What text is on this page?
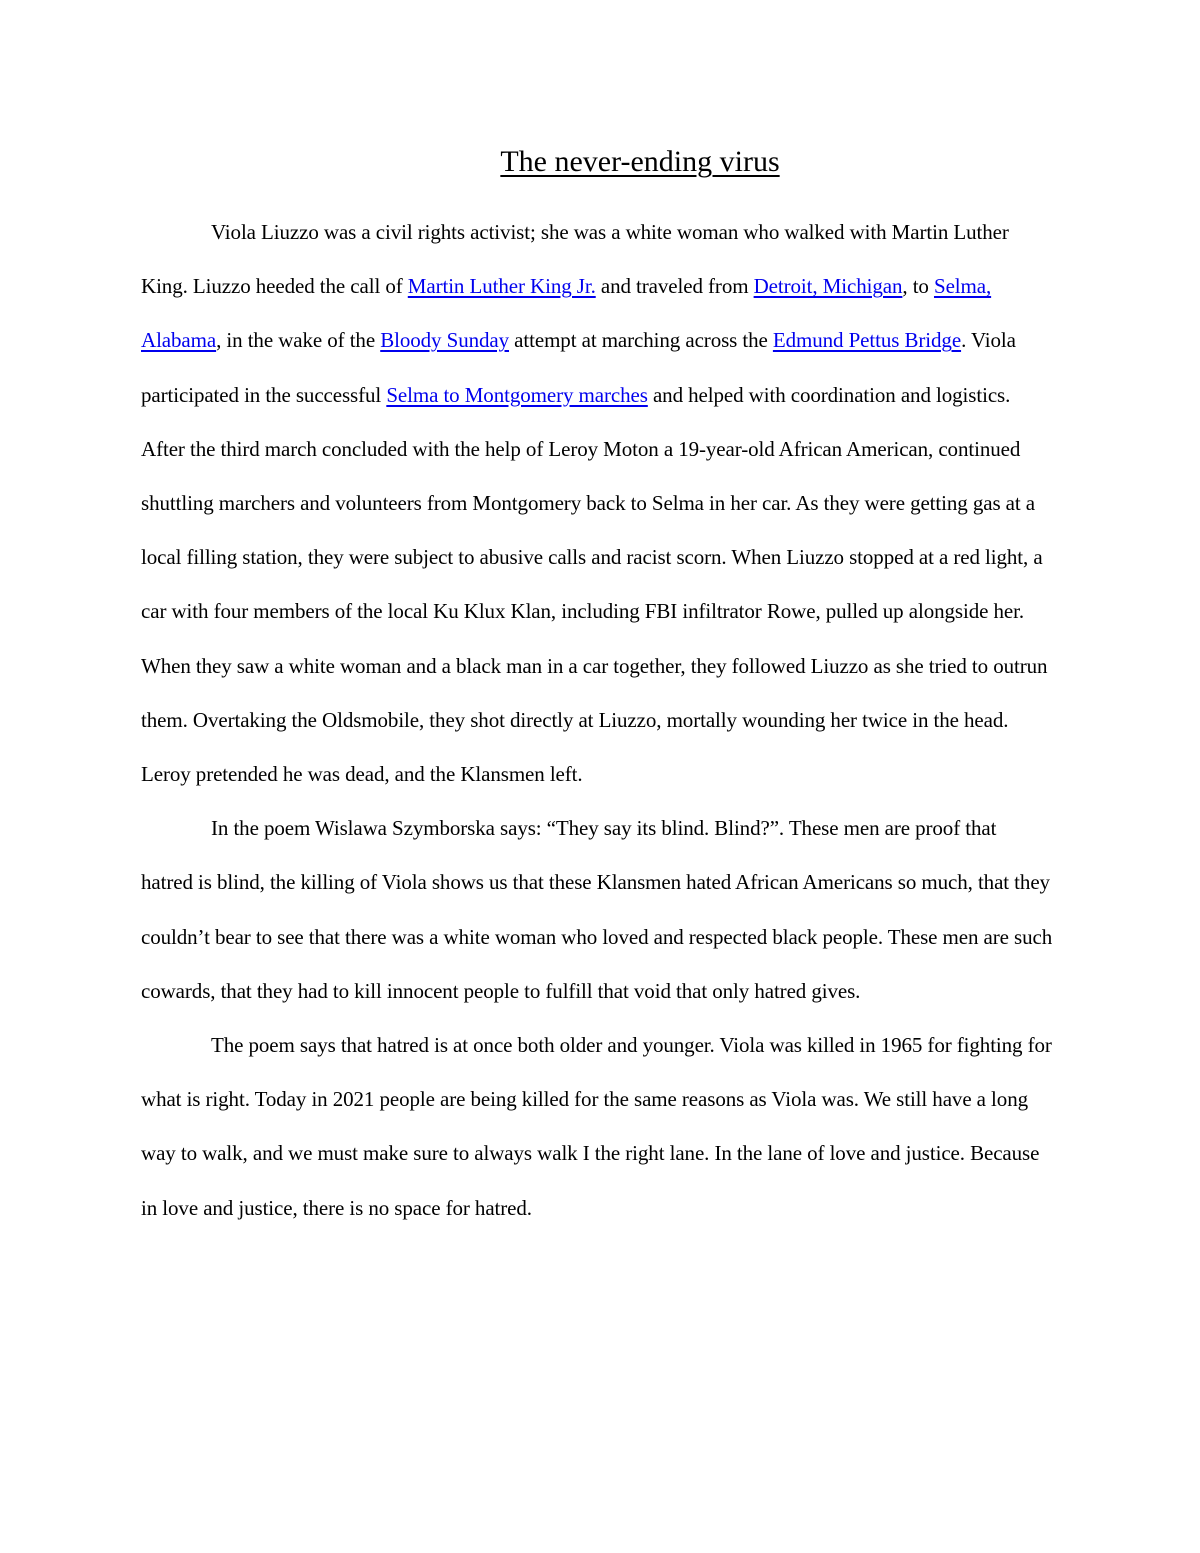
The never-ending virus

Viola Liuzzo was a civil rights activist; she was a white woman who walked with Martin Luther King. Liuzzo heeded the call of Martin Luther King Jr. and traveled from Detroit, Michigan, to Selma, Alabama, in the wake of the Bloody Sunday attempt at marching across the Edmund Pettus Bridge. Viola participated in the successful Selma to Montgomery marches and helped with coordination and logistics. After the third march concluded with the help of Leroy Moton a 19-year-old African American, continued shuttling marchers and volunteers from Montgomery back to Selma in her car. As they were getting gas at a local filling station, they were subject to abusive calls and racist scorn. When Liuzzo stopped at a red light, a car with four members of the local Ku Klux Klan, including FBI infiltrator Rowe, pulled up alongside her. When they saw a white woman and a black man in a car together, they followed Liuzzo as she tried to outrun them. Overtaking the Oldsmobile, they shot directly at Liuzzo, mortally wounding her twice in the head. Leroy pretended he was dead, and the Klansmen left.

In the poem Wislawa Szymborska says: “They say its blind. Blind?”. These men are proof that hatred is blind, the killing of Viola shows us that these Klansmen hated African Americans so much, that they couldn’t bear to see that there was a white woman who loved and respected black people. These men are such cowards, that they had to kill innocent people to fulfill that void that only hatred gives.

The poem says that hatred is at once both older and younger. Viola was killed in 1965 for fighting for what is right. Today in 2021 people are being killed for the same reasons as Viola was. We still have a long way to walk, and we must make sure to always walk I the right lane. In the lane of love and justice. Because in love and justice, there is no space for hatred.
